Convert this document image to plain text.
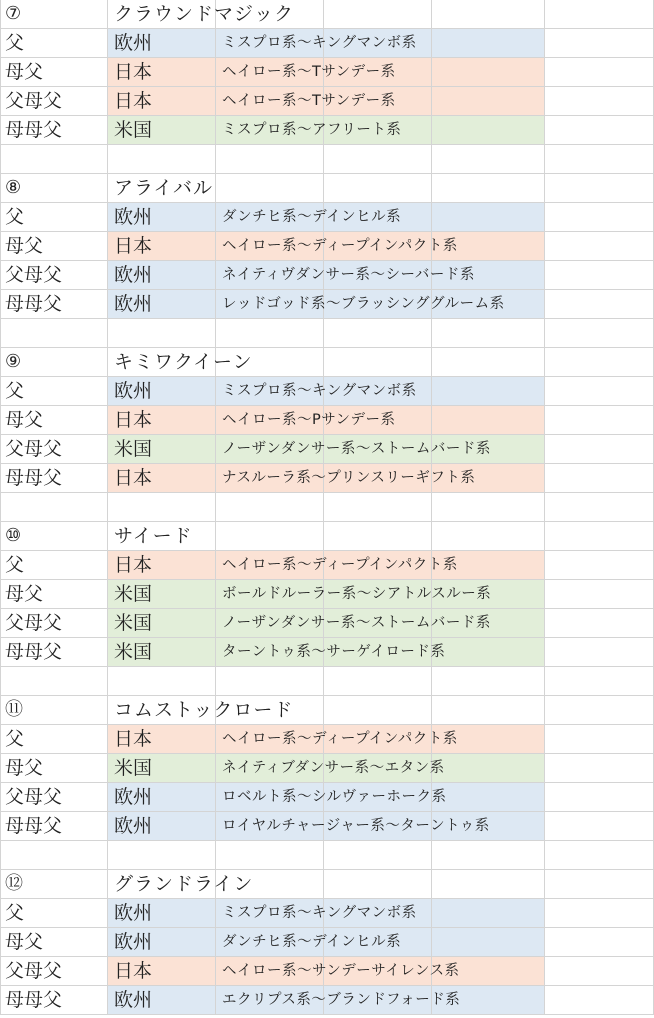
⑦	クラウンドマジック
父	欧州	ミスプロ系～キングマンボ系
母父	日本	ヘイロー系～Tサンデー系
父母父	日本	ヘイロー系～Tサンデー系
母母父	米国	ミスプロ系～アフリート系
⑧	アライバル
父	欧州	ダンチヒ系～デインヒル系
母父	日本	ヘイロー系～ディープインパクト系
父母父	欧州	ネイティヴダンサー系～シーバード系
母母父	欧州	レッドゴッド系～ブラッシンググルーム系
⑨	キミワクイーン
父	欧州	ミスプロ系～キングマンボ系
母父	日本	ヘイロー系～Pサンデー系
父母父	米国	ノーザンダンサー系～ストームバード系
母母父	日本	ナスルーラ系～プリンスリーギフト系
⑩	サイード
父	日本	ヘイロー系～ディープインパクト系
母父	米国	ボールドルーラー系～シアトルスルー系
父母父	米国	ノーザンダンサー系～ストームバード系
母母父	米国	ターントゥ系～サーゲイロード系
⑪	コムストックロード
父	日本	ヘイロー系～ディープインパクト系
母父	米国	ネイティブダンサー系～エタン系
父母父	欧州	ロベルト系～シルヴァーホーク系
母母父	欧州	ロイヤルチャージャー系～ターントゥ系
⑫	グランドライン
父	欧州	ミスプロ系～キングマンボ系
母父	欧州	ダンチヒ系～デインヒル系
父母父	日本	ヘイロー系～サンデーサイレンス系
母母父	欧州	エクリプス系～ブランドフォード系
